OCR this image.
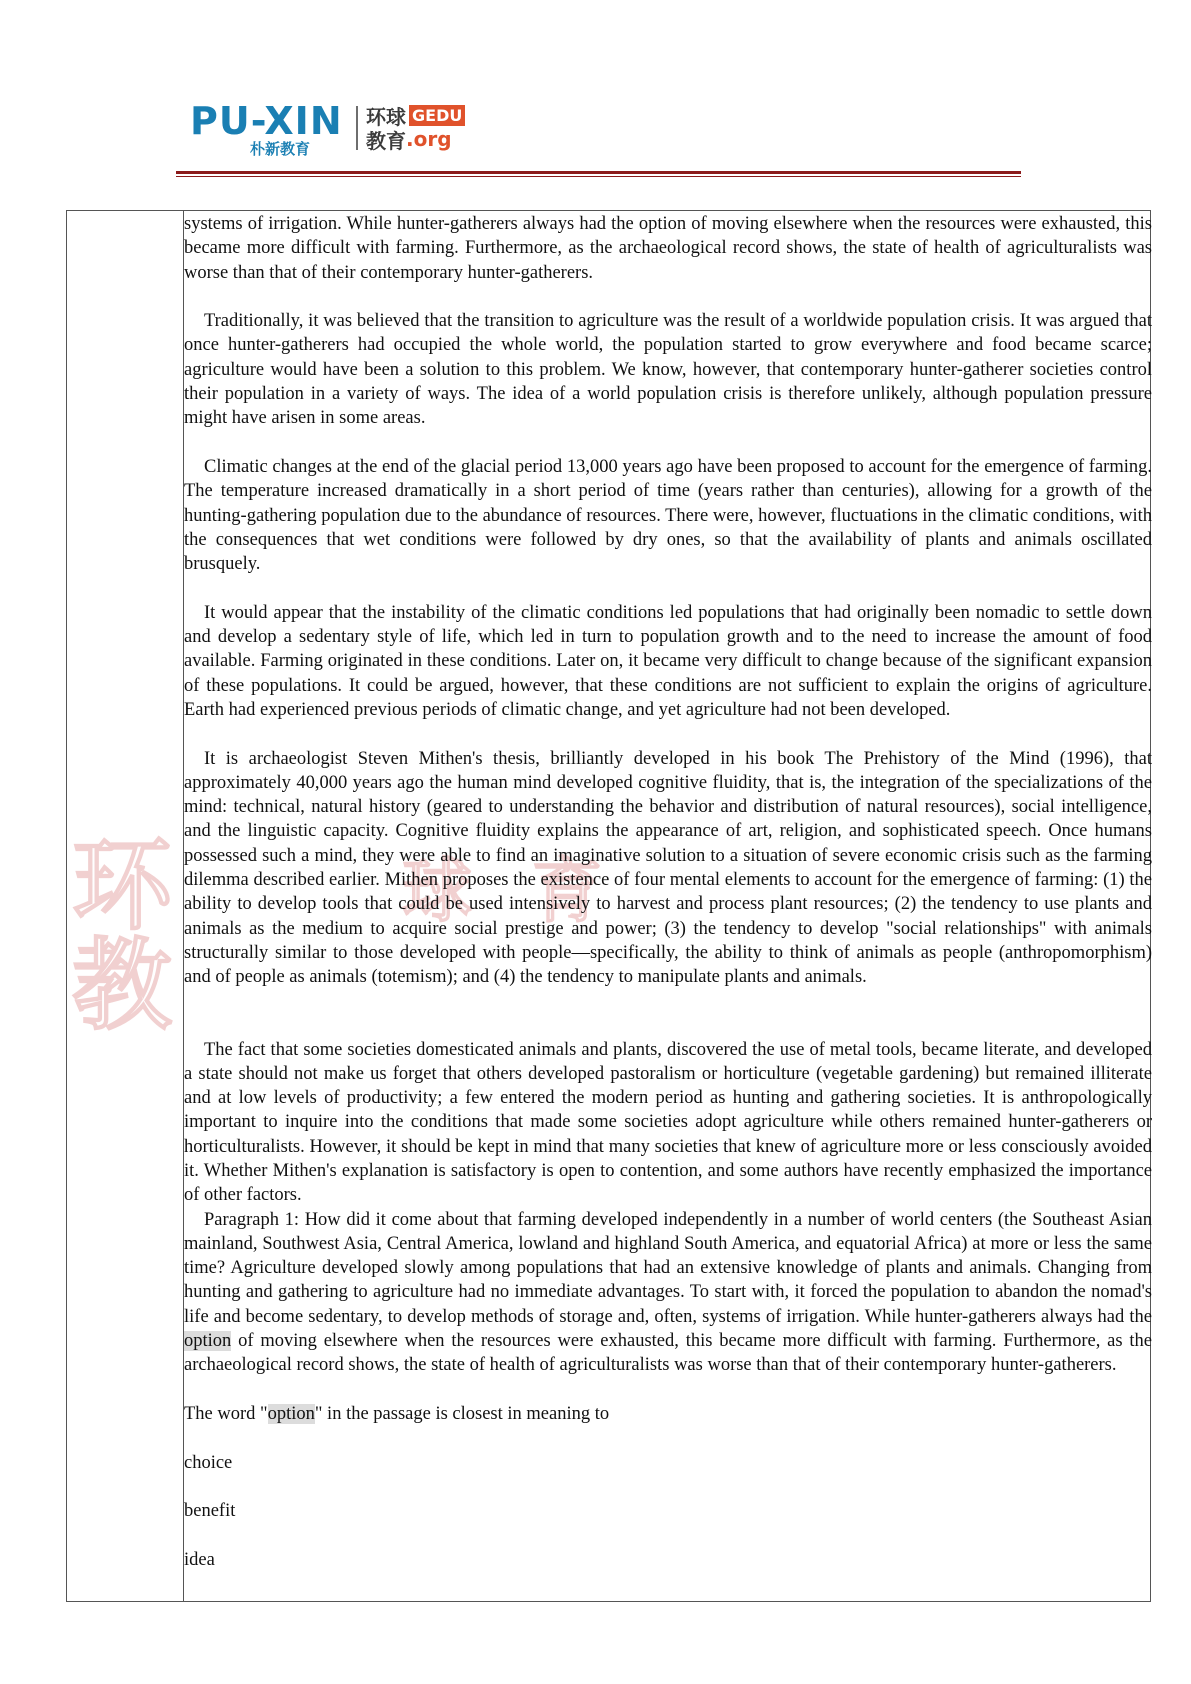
PU-XIN
朴新教育
环球 GEDU
教育 .org
环
教
球 育

systems of irrigation. While hunter-gatherers always had the option of moving elsewhere when the resources were exhausted, this became more difficult with farming. Furthermore, as the archaeological record shows, the state of health of agriculturalists was worse than that of their contemporary hunter-gatherers.

Traditionally, it was believed that the transition to agriculture was the result of a worldwide population crisis. It was argued that once hunter-gatherers had occupied the whole world, the population started to grow everywhere and food became scarce; agriculture would have been a solution to this problem. We know, however, that contemporary hunter-gatherer societies control their population in a variety of ways. The idea of a world population crisis is therefore unlikely, although population pressure might have arisen in some areas.

Climatic changes at the end of the glacial period 13,000 years ago have been proposed to account for the emergence of farming. The temperature increased dramatically in a short period of time (years rather than centuries), allowing for a growth of the hunting-gathering population due to the abundance of resources. There were, however, fluctuations in the climatic conditions, with the consequences that wet conditions were followed by dry ones, so that the availability of plants and animals oscillated brusquely.

It would appear that the instability of the climatic conditions led populations that had originally been nomadic to settle down and develop a sedentary style of life, which led in turn to population growth and to the need to increase the amount of food available. Farming originated in these conditions. Later on, it became very difficult to change because of the significant expansion of these populations. It could be argued, however, that these conditions are not sufficient to explain the origins of agriculture. Earth had experienced previous periods of climatic change, and yet agriculture had not been developed.

It is archaeologist Steven Mithen's thesis, brilliantly developed in his book The Prehistory of the Mind (1996), that approximately 40,000 years ago the human mind developed cognitive fluidity, that is, the integration of the specializations of the mind: technical, natural history (geared to understanding the behavior and distribution of natural resources), social intelligence, and the linguistic capacity. Cognitive fluidity explains the appearance of art, religion, and sophisticated speech. Once humans possessed such a mind, they were able to find an imaginative solution to a situation of severe economic crisis such as the farming dilemma described earlier. Mithen proposes the existence of four mental elements to account for the emergence of farming: (1) the ability to develop tools that could be used intensively to harvest and process plant resources; (2) the tendency to use plants and animals as the medium to acquire social prestige and power; (3) the tendency to develop "social relationships" with animals structurally similar to those developed with people—specifically, the ability to think of animals as people (anthropomorphism) and of people as animals (totemism); and (4) the tendency to manipulate plants and animals.

The fact that some societies domesticated animals and plants, discovered the use of metal tools, became literate, and developed a state should not make us forget that others developed pastoralism or horticulture (vegetable gardening) but remained illiterate and at low levels of productivity; a few entered the modern period as hunting and gathering societies. It is anthropologically important to inquire into the conditions that made some societies adopt agriculture while others remained hunter-gatherers or horticulturalists. However, it should be kept in mind that many societies that knew of agriculture more or less consciously avoided it. Whether Mithen's explanation is satisfactory is open to contention, and some authors have recently emphasized the importance of other factors.

Paragraph 1: How did it come about that farming developed independently in a number of world centers (the Southeast Asian mainland, Southwest Asia, Central America, lowland and highland South America, and equatorial Africa) at more or less the same time? Agriculture developed slowly among populations that had an extensive knowledge of plants and animals. Changing from hunting and gathering to agriculture had no immediate advantages. To start with, it forced the population to abandon the nomad's life and become sedentary, to develop methods of storage and, often, systems of irrigation. While hunter-gatherers always had the option of moving elsewhere when the resources were exhausted, this became more difficult with farming. Furthermore, as the archaeological record shows, the state of health of agriculturalists was worse than that of their contemporary hunter-gatherers.

The word "option" in the passage is closest in meaning to

choice

benefit

idea
